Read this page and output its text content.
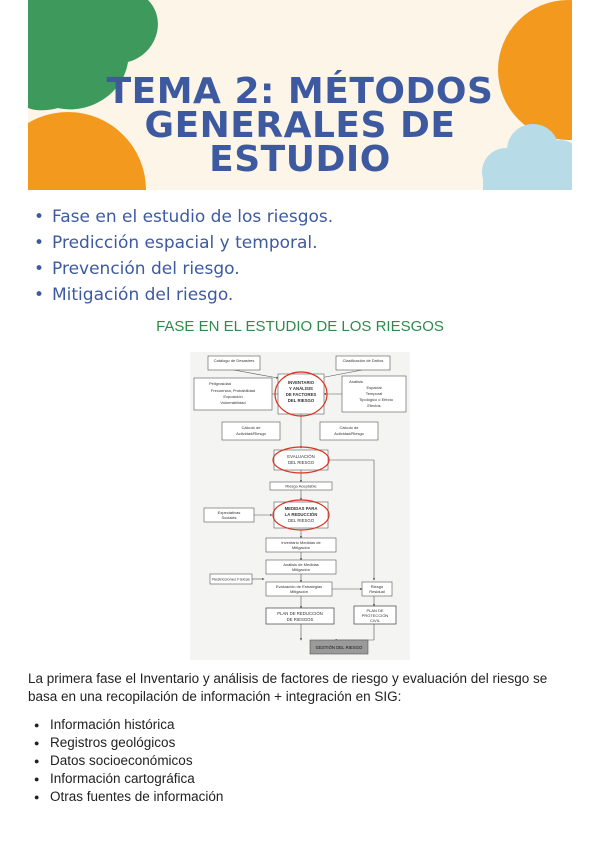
TEMA 2: MÉTODOS
GENERALES DE
ESTUDIO
• Fase en el estudio de los riesgos.
• Predicción espacial y temporal.
• Prevención del riesgo.
• Mitigación del riesgo.
FASE EN EL ESTUDIO DE LOS RIESGOS
Catálogo de Desastres	Clasificación de Daños
Peligrosidad
Frecuencia, Probabilidad
Exposición
Vulnerabilidad
INVENTARIO
Y ANÁLISIS
DE FACTORES
DEL RIESGO
Análisis
Espacial
Temporal
Tipológico o Efecto
Efectos
Cálculo de
Actividad/Riesgo
Cálculo de
Actividad/Riesgo
EVALUACIÓN
DEL RIESGO
Riesgo Aceptable
Expectativas
Sociales
MEDIDAS PARA
LA REDUCCIÓN
DEL RIESGO
Inventario Medidas de
Mitigación
Análisis de Medidas
Mitigación
Restricciones Físicas
Evaluación de Estrategias
Mitigación
Riesgo
Residual
PLAN DE REDUCCIÓN
DE RIESGOS
PLAN DE
PROTECCIÓN
CIVIL
GESTIÓN DEL RIESGO
La primera fase el Inventario y análisis de factores de riesgo y evaluación del riesgo se basa en una recopilación de información + integración en SIG:
● Información histórica
● Registros geológicos
● Datos socioeconómicos
● Información cartográfica
● Otras fuentes de información
